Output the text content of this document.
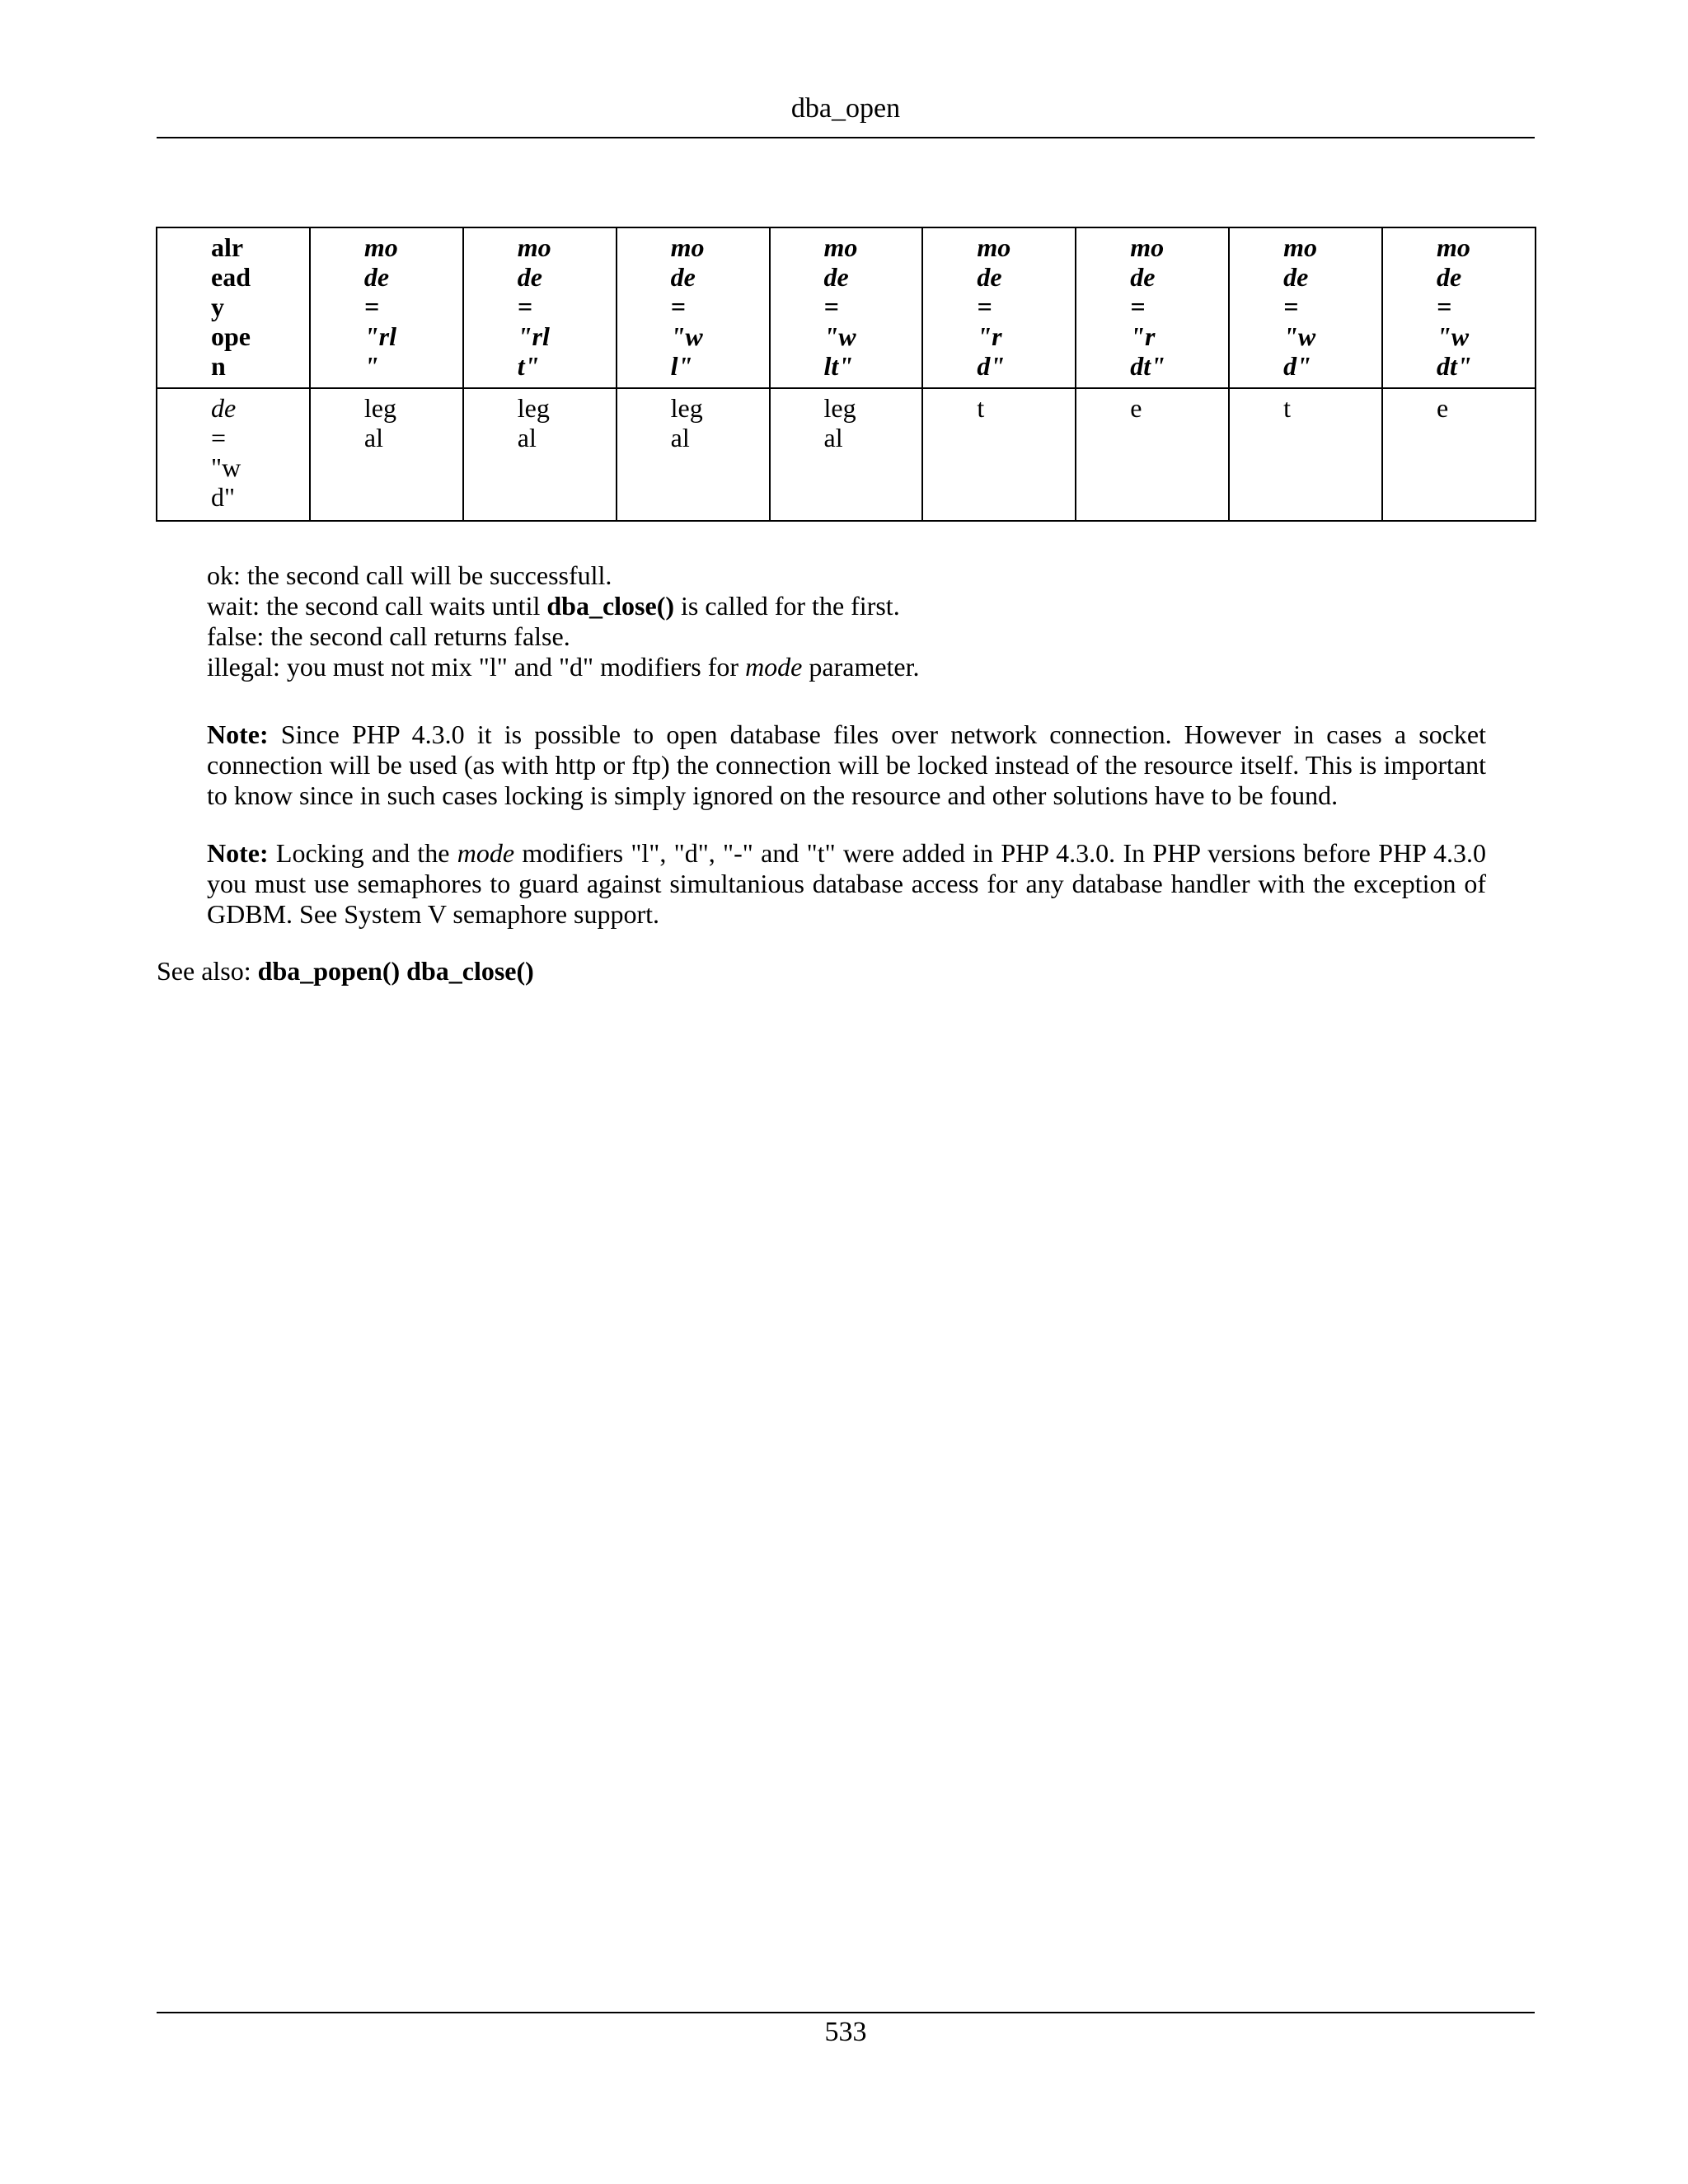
dba_open
alr
ead
y
ope
n	mo
de
=
"rl
"	mo
de
=
"rl
t"	mo
de
=
"w
l"	mo
de
=
"w
lt"	mo
de
=
"r
d"	mo
de
=
"r
dt"	mo
de
=
"w
d"	mo
de
=
"w
dt"
de
=
"w
d"	leg
al	leg
al	leg
al	leg
al	t	e	t	e
ok: the second call will be successfull.
wait: the second call waits until dba_close() is called for the first.
false: the second call returns false.
illegal: you must not mix "l" and "d" modifiers for mode parameter.
Note: Since PHP 4.3.0 it is possible to open database files over network connection. However in cases a socket connection will be used (as with http or ftp) the connection will be locked instead of the resource itself. This is important to know since in such cases locking is simply ignored on the resource and other solutions have to be found.
Note: Locking and the mode modifiers "l", "d", "-" and "t" were added in PHP 4.3.0. In PHP versions before PHP 4.3.0 you must use semaphores to guard against simultanious database access for any database handler with the exception of GDBM. See System V semaphore support.
See also: dba_popen() dba_close()
533
